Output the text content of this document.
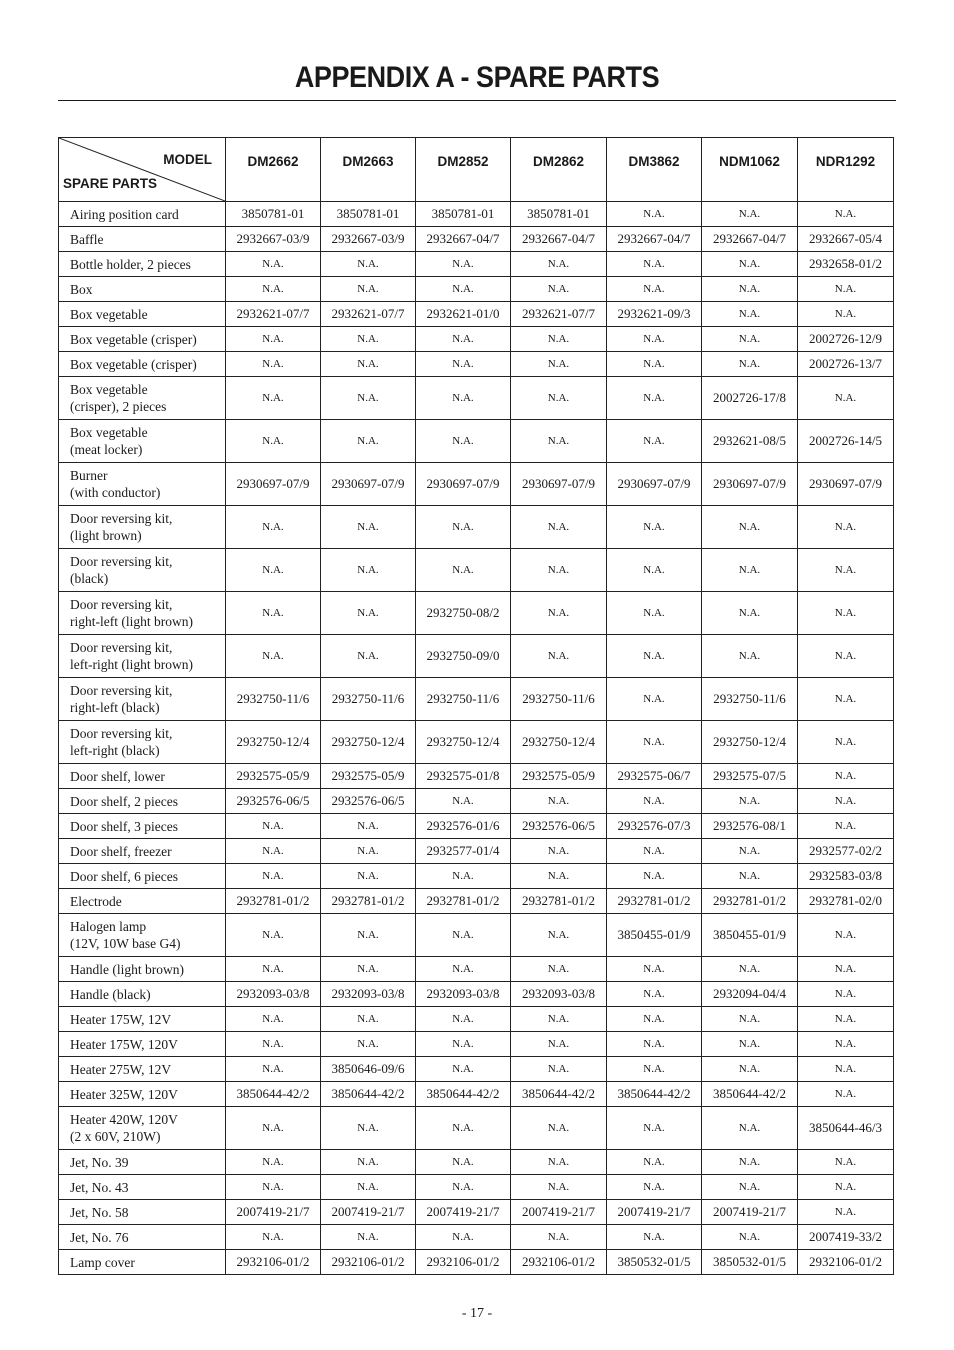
APPENDIX A - SPARE PARTS
MODEL
SPARE PARTS	DM2662	DM2663	DM2852	DM2862	DM3862	NDM1062	NDR1292
Airing position card	3850781-01	3850781-01	3850781-01	3850781-01	N.A.	N.A.	N.A.
Baffle	2932667-03/9	2932667-03/9	2932667-04/7	2932667-04/7	2932667-04/7	2932667-04/7	2932667-05/4
Bottle holder, 2 pieces	N.A.	N.A.	N.A.	N.A.	N.A.	N.A.	2932658-01/2
Box	N.A.	N.A.	N.A.	N.A.	N.A.	N.A.	N.A.
Box vegetable	2932621-07/7	2932621-07/7	2932621-01/0	2932621-07/7	2932621-09/3	N.A.	N.A.
Box vegetable (crisper)	N.A.	N.A.	N.A.	N.A.	N.A.	N.A.	2002726-12/9
Box vegetable (crisper)	N.A.	N.A.	N.A.	N.A.	N.A.	N.A.	2002726-13/7
Box vegetable
(crisper), 2 pieces	N.A.	N.A.	N.A.	N.A.	N.A.	2002726-17/8	N.A.
Box vegetable
(meat locker)	N.A.	N.A.	N.A.	N.A.	N.A.	2932621-08/5	2002726-14/5
Burner
(with conductor)	2930697-07/9	2930697-07/9	2930697-07/9	2930697-07/9	2930697-07/9	2930697-07/9	2930697-07/9
Door reversing kit,
(light brown)	N.A.	N.A.	N.A.	N.A.	N.A.	N.A.	N.A.
Door reversing kit,
(black)	N.A.	N.A.	N.A.	N.A.	N.A.	N.A.	N.A.
Door reversing kit,
right-left (light brown)	N.A.	N.A.	2932750-08/2	N.A.	N.A.	N.A.	N.A.
Door reversing kit,
left-right (light brown)	N.A.	N.A.	2932750-09/0	N.A.	N.A.	N.A.	N.A.
Door reversing kit,
right-left (black)	2932750-11/6	2932750-11/6	2932750-11/6	2932750-11/6	N.A.	2932750-11/6	N.A.
Door reversing kit,
left-right (black)	2932750-12/4	2932750-12/4	2932750-12/4	2932750-12/4	N.A.	2932750-12/4	N.A.
Door shelf, lower	2932575-05/9	2932575-05/9	2932575-01/8	2932575-05/9	2932575-06/7	2932575-07/5	N.A.
Door shelf, 2 pieces	2932576-06/5	2932576-06/5	N.A.	N.A.	N.A.	N.A.	N.A.
Door shelf, 3 pieces	N.A.	N.A.	2932576-01/6	2932576-06/5	2932576-07/3	2932576-08/1	N.A.
Door shelf, freezer	N.A.	N.A.	2932577-01/4	N.A.	N.A.	N.A.	2932577-02/2
Door shelf, 6 pieces	N.A.	N.A.	N.A.	N.A.	N.A.	N.A.	2932583-03/8
Electrode	2932781-01/2	2932781-01/2	2932781-01/2	2932781-01/2	2932781-01/2	2932781-01/2	2932781-02/0
Halogen lamp
(12V, 10W base G4)	N.A.	N.A.	N.A.	N.A.	3850455-01/9	3850455-01/9	N.A.
Handle (light brown)	N.A.	N.A.	N.A.	N.A.	N.A.	N.A.	N.A.
Handle (black)	2932093-03/8	2932093-03/8	2932093-03/8	2932093-03/8	N.A.	2932094-04/4	N.A.
Heater 175W, 12V	N.A.	N.A.	N.A.	N.A.	N.A.	N.A.	N.A.
Heater 175W, 120V	N.A.	N.A.	N.A.	N.A.	N.A.	N.A.	N.A.
Heater 275W, 12V	N.A.	3850646-09/6	N.A.	N.A.	N.A.	N.A.	N.A.
Heater 325W, 120V	3850644-42/2	3850644-42/2	3850644-42/2	3850644-42/2	3850644-42/2	3850644-42/2	N.A.
Heater 420W, 120V
(2 x 60V, 210W)	N.A.	N.A.	N.A.	N.A.	N.A.	N.A.	3850644-46/3
Jet, No. 39	N.A.	N.A.	N.A.	N.A.	N.A.	N.A.	N.A.
Jet, No. 43	N.A.	N.A.	N.A.	N.A.	N.A.	N.A.	N.A.
Jet, No. 58	2007419-21/7	2007419-21/7	2007419-21/7	2007419-21/7	2007419-21/7	2007419-21/7	N.A.
Jet, No. 76	N.A.	N.A.	N.A.	N.A.	N.A.	N.A.	2007419-33/2
Lamp cover	2932106-01/2	2932106-01/2	2932106-01/2	2932106-01/2	3850532-01/5	3850532-01/5	2932106-01/2
- 17 -
